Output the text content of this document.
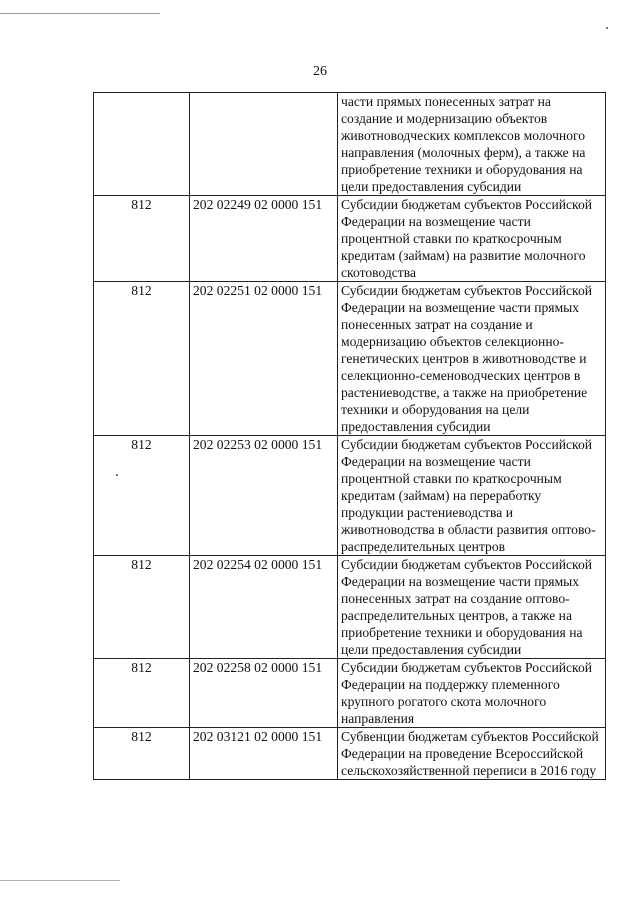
26
		части прямых понесенных затрат на создание и модернизацию объектов животноводческих комплексов молочного направления (молочных ферм), а также на приобретение техники и оборудования на цели предоставления субсидии
812	202 02249 02 0000 151	Субсидии бюджетам субъектов Российской Федерации на возмещение части процентной ставки по краткосрочным кредитам (займам) на развитие молочного скотоводства
812	202 02251 02 0000 151	Субсидии бюджетам субъектов Российской Федерации на возмещение части прямых понесенных затрат на создание и модернизацию объектов селекционно-генетических центров в животноводстве и селекционно-семеноводческих центров в растениеводстве, а также на приобретение техники и оборудования на цели предоставления субсидии
812	202 02253 02 0000 151	Субсидии бюджетам субъектов Российской Федерации на возмещение части процентной ставки по краткосрочным кредитам (займам) на переработку продукции растениеводства и животноводства в области развития оптово-распределительных центров
812	202 02254 02 0000 151	Субсидии бюджетам субъектов Российской Федерации на возмещение части прямых понесенных затрат на создание оптово-распределительных центров, а также на приобретение техники и оборудования на цели предоставления субсидии
812	202 02258 02 0000 151	Субсидии бюджетам субъектов Российской Федерации на поддержку племенного крупного рогатого скота молочного направления
812	202 03121 02 0000 151	Субвенции бюджетам субъектов Российской Федерации на проведение Всероссийской сельскохозяйственной переписи в 2016 году
